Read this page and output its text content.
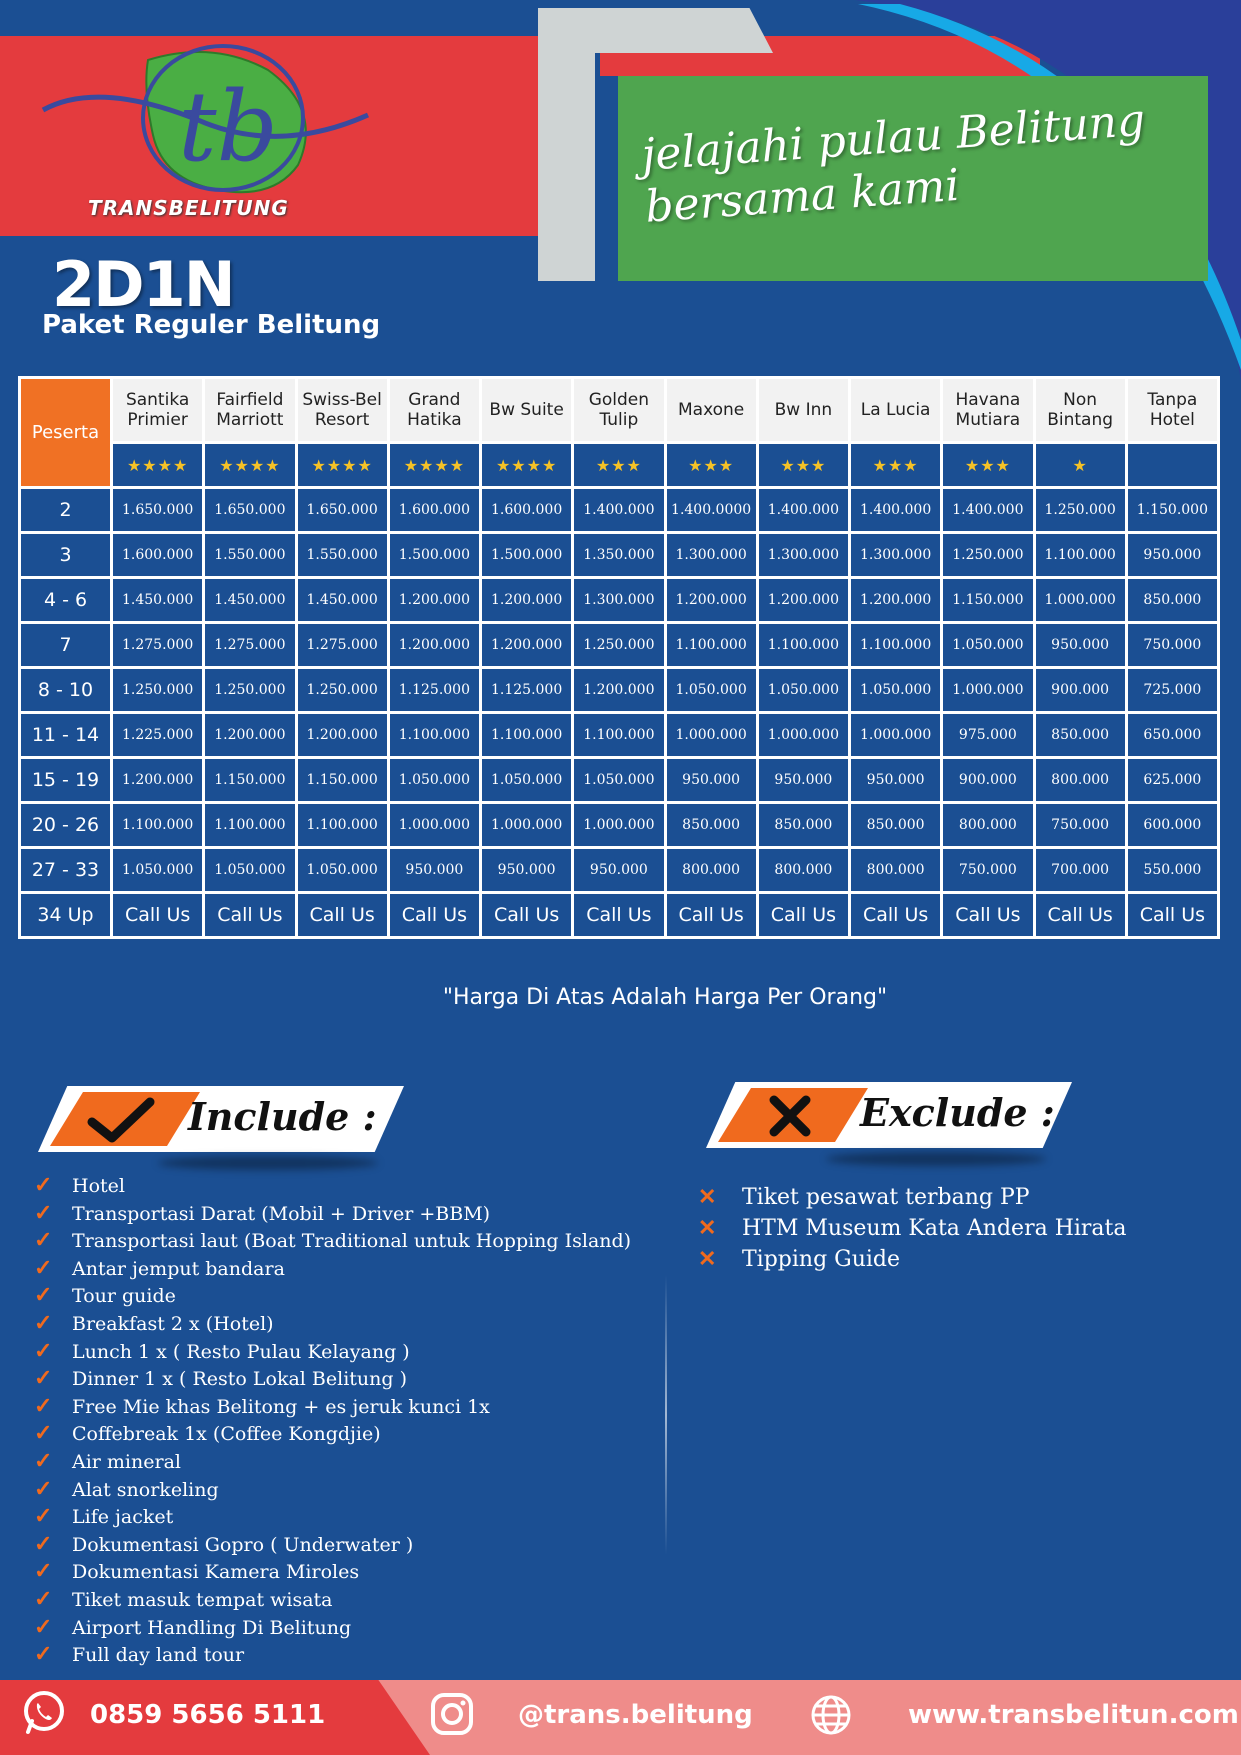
jelajahi pulau Belitung
bersama kami
tb
TRANSBELITUNG
2D1N
Paket Reguler Belitung
Peserta	Santika Primier	Fairfield Marriott	Swiss-Bel Resort	Grand Hatika	Bw Suite	Golden Tulip	Maxone	Bw Inn	La Lucia	Havana Mutiara	Non Bintang	Tanpa Hotel
	★★★★	★★★★	★★★★	★★★★	★★★★	★★★	★★★	★★★	★★★	★★★	★	
2	1.650.000	1.650.000	1.650.000	1.600.000	1.600.000	1.400.000	1.400.0000	1.400.000	1.400.000	1.400.000	1.250.000	1.150.000
3	1.600.000	1.550.000	1.550.000	1.500.000	1.500.000	1.350.000	1.300.000	1.300.000	1.300.000	1.250.000	1.100.000	950.000
4 - 6	1.450.000	1.450.000	1.450.000	1.200.000	1.200.000	1.300.000	1.200.000	1.200.000	1.200.000	1.150.000	1.000.000	850.000
7	1.275.000	1.275.000	1.275.000	1.200.000	1.200.000	1.250.000	1.100.000	1.100.000	1.100.000	1.050.000	950.000	750.000
8 - 10	1.250.000	1.250.000	1.250.000	1.125.000	1.125.000	1.200.000	1.050.000	1.050.000	1.050.000	1.000.000	900.000	725.000
11 - 14	1.225.000	1.200.000	1.200.000	1.100.000	1.100.000	1.100.000	1.000.000	1.000.000	1.000.000	975.000	850.000	650.000
15 - 19	1.200.000	1.150.000	1.150.000	1.050.000	1.050.000	1.050.000	950.000	950.000	950.000	900.000	800.000	625.000
20 - 26	1.100.000	1.100.000	1.100.000	1.000.000	1.000.000	1.000.000	850.000	850.000	850.000	800.000	750.000	600.000
27 - 33	1.050.000	1.050.000	1.050.000	950.000	950.000	950.000	800.000	800.000	800.000	750.000	700.000	550.000
34 Up	Call Us	Call Us	Call Us	Call Us	Call Us	Call Us	Call Us	Call Us	Call Us	Call Us	Call Us	Call Us
"Harga Di Atas Adalah Harga Per Orang"
Include :	Exclude :
✓ Hotel
✓ Transportasi Darat (Mobil + Driver +BBM)
✓ Transportasi laut (Boat Traditional untuk Hopping Island)
✓ Antar jemput bandara
✓ Tour guide
✓ Breakfast 2 x (Hotel)
✓ Lunch 1 x ( Resto Pulau Kelayang )
✓ Dinner 1 x ( Resto Lokal Belitung )
✓ Free Mie khas Belitong + es jeruk kunci 1x
✓ Coffebreak 1x (Coffee Kongdjie)
✓ Air mineral
✓ Alat snorkeling
✓ Life jacket
✓ Dokumentasi Gopro ( Underwater )
✓ Dokumentasi Kamera Miroles
✓ Tiket masuk tempat wisata
✓ Airport Handling Di Belitung
✓ Full day land tour
✕ Tiket pesawat terbang PP
✕ HTM Museum Kata Andera Hirata
✕ Tipping Guide
0859 5656 5111	@trans.belitung	www.transbelitun.com
